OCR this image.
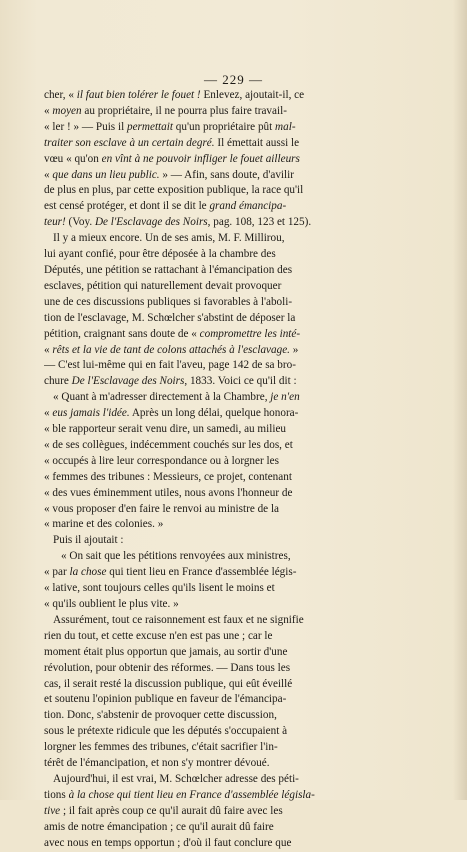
— 229 —
cher, « il faut bien tolérer le fouet ! Enlevez, ajoutait-il, ce
« moyen au propriétaire, il ne pourra plus faire travail-
« ler ! » — Puis il permettait qu'un propriétaire pût mal-
traiter son esclave à un certain degré. Il émettait aussi le
vœu « qu'on en vînt à ne pouvoir infliger le fouet ailleurs
« que dans un lieu public. » — Afin, sans doute, d'avilir
de plus en plus, par cette exposition publique, la race qu'il
est censé protéger, et dont il se dit le grand émancipa-
teur! (Voy. De l'Esclavage des Noirs, pag. 108, 123 et 125).
Il y a mieux encore. Un de ses amis, M. F. Millirou,
lui ayant confié, pour être déposée à la chambre des
Députés, une pétition se rattachant à l'émancipation des
esclaves, pétition qui naturellement devait provoquer
une de ces discussions publiques si favorables à l'aboli-
tion de l'esclavage, M. Schœlcher s'abstint de déposer la
pétition, craignant sans doute de « compromettre les inté-
« rêts et la vie de tant de colons attachés à l'esclavage. »
— C'est lui-même qui en fait l'aveu, page 142 de sa bro-
chure De l'Esclavage des Noirs, 1833. Voici ce qu'il dit :
« Quant à m'adresser directement à la Chambre, je n'en
« eus jamais l'idée. Après un long délai, quelque honora-
« ble rapporteur serait venu dire, un samedi, au milieu
« de ses collègues, indécemment couchés sur les dos, et
« occupés à lire leur correspondance ou à lorgner les
« femmes des tribunes : Messieurs, ce projet, contenant
« des vues éminemment utiles, nous avons l'honneur de
« vous proposer d'en faire le renvoi au ministre de la
« marine et des colonies. »
Puis il ajoutait :
« On sait que les pétitions renvoyées aux ministres,
« par la chose qui tient lieu en France d'assemblée légis-
« lative, sont toujours celles qu'ils lisent le moins et
« qu'ils oublient le plus vite. »
Assurément, tout ce raisonnement est faux et ne signifie
rien du tout, et cette excuse n'en est pas une ; car le
moment était plus opportun que jamais, au sortir d'une
révolution, pour obtenir des réformes. — Dans tous les
cas, il serait resté la discussion publique, qui eût éveillé
et soutenu l'opinion publique en faveur de l'émancipa-
tion. Donc, s'abstenir de provoquer cette discussion,
sous le prétexte ridicule que les députés s'occupaient à
lorgner les femmes des tribunes, c'était sacrifier l'in-
térêt de l'émancipation, et non s'y montrer dévoué.
Aujourd'hui, il est vrai, M. Schœlcher adresse des péti-
tions à la chose qui tient lieu en France d'assemblée législa-
tive ; il fait après coup ce qu'il aurait dû faire avec les
amis de notre émancipation ; ce qu'il aurait dû faire
avec nous en temps opportun ; d'où il faut conclure que
